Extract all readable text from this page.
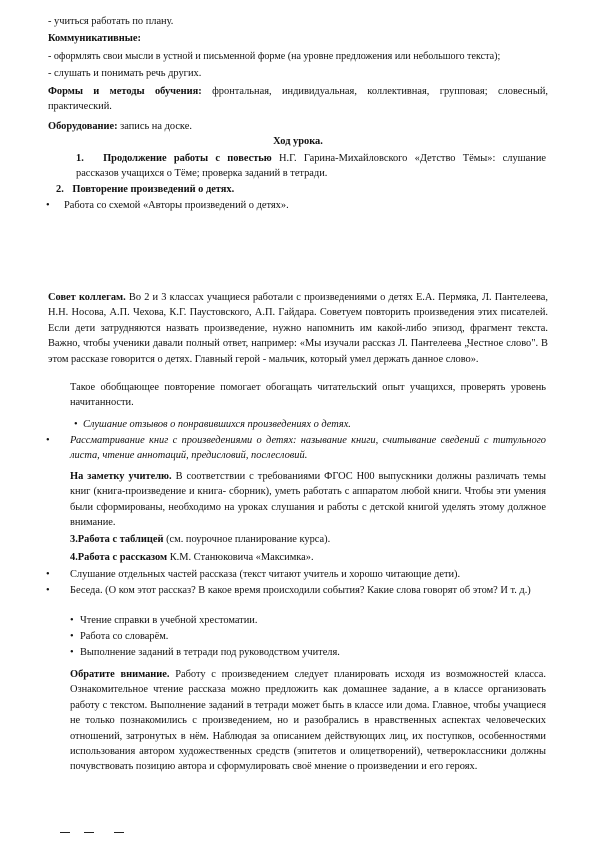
- учиться работать по плану.
Коммуникативные:
- оформлять свои мысли в устной и письменной форме (на уровне предложения или небольшого текста);
- слушать и понимать речь других.
Формы и методы обучения: фронтальная, индивидуальная, коллективная, групповая; словесный, практический.
Оборудование: запись на доске.
Ход урока.
1. Продолжение работы с повестью Н.Г. Гарина-Михайловского «Детство Тёмы»: слушание рассказов учащихся о Тёме; проверка заданий в тетради.
2. Повторение произведений о детях.
• Работа со схемой «Авторы произведений о детях».
Совет коллегам. Во 2 и 3 классах учащиеся работали с произведениями о детях Е.А. Пермяка, Л. Пантелеева, Н.Н. Носова, А.П. Чехова, К.Г. Паустовского, А.П. Гайдара. Советуем повторить произведения этих писателей. Если дети затрудняются назвать произведение, нужно напомнить им какой-либо эпизод, фрагмент текста. Важно, чтобы ученики давали полный ответ, например: «Мы изучали рассказ Л. Пантелеева „Честное слово". В этом рассказе говорится о детях. Главный герой - мальчик, который умел держать данное слово».
Такое обобщающее повторение помогает обогащать читательский опыт учащихся, проверять уровень начитанности.
• Слушание отзывов о понравившихся произведениях о детях.
• Рассматривание книг с произведениями о детях: называние книги, считывание сведений с титульного листа, чтение аннотаций, предисловий, послесловий.
На заметку учителю. В соответствии с требованиями ФГОС Н00 выпускники должны различать темы книг (книга-произведение и книга- сборник), уметь работать с аппаратом любой книги. Чтобы эти умения были сформированы, необходимо на уроках слушания и работы с детской книгой уделять этому должное внимание.
3.Работа с таблицей (см. поурочное планирование курса).
4.Работа с рассказом К.М. Станюковича «Максимка».
• Слушание отдельных частей рассказа (текст читают учитель и хорошо читающие дети).
• Беседа. (О ком этот рассказ? В какое время происходили события? Какие слова говорят об этом? И т. д.)
• Чтение справки в учебной хрестоматии.
• Работа со словарём.
• Выполнение заданий в тетради под руководством учителя.
Обратите внимание. Работу с произведением следует планировать исходя из возможностей класса. Ознакомительное чтение рассказа можно предложить как домашнее задание, а в классе организовать работу с текстом. Выполнение заданий в тетради может быть в классе или дома. Главное, чтобы учащиеся не только познакомились с произведением, но и разобрались в нравственных аспектах человеческих отношений, затронутых в нём. Наблюдая за описанием действующих лиц, их поступков, особенностями использования автором художественных средств (эпитетов и олицетворений), четвероклассники должны почувствовать позицию автора и сформулировать своё мнение о произведении и его героях.
